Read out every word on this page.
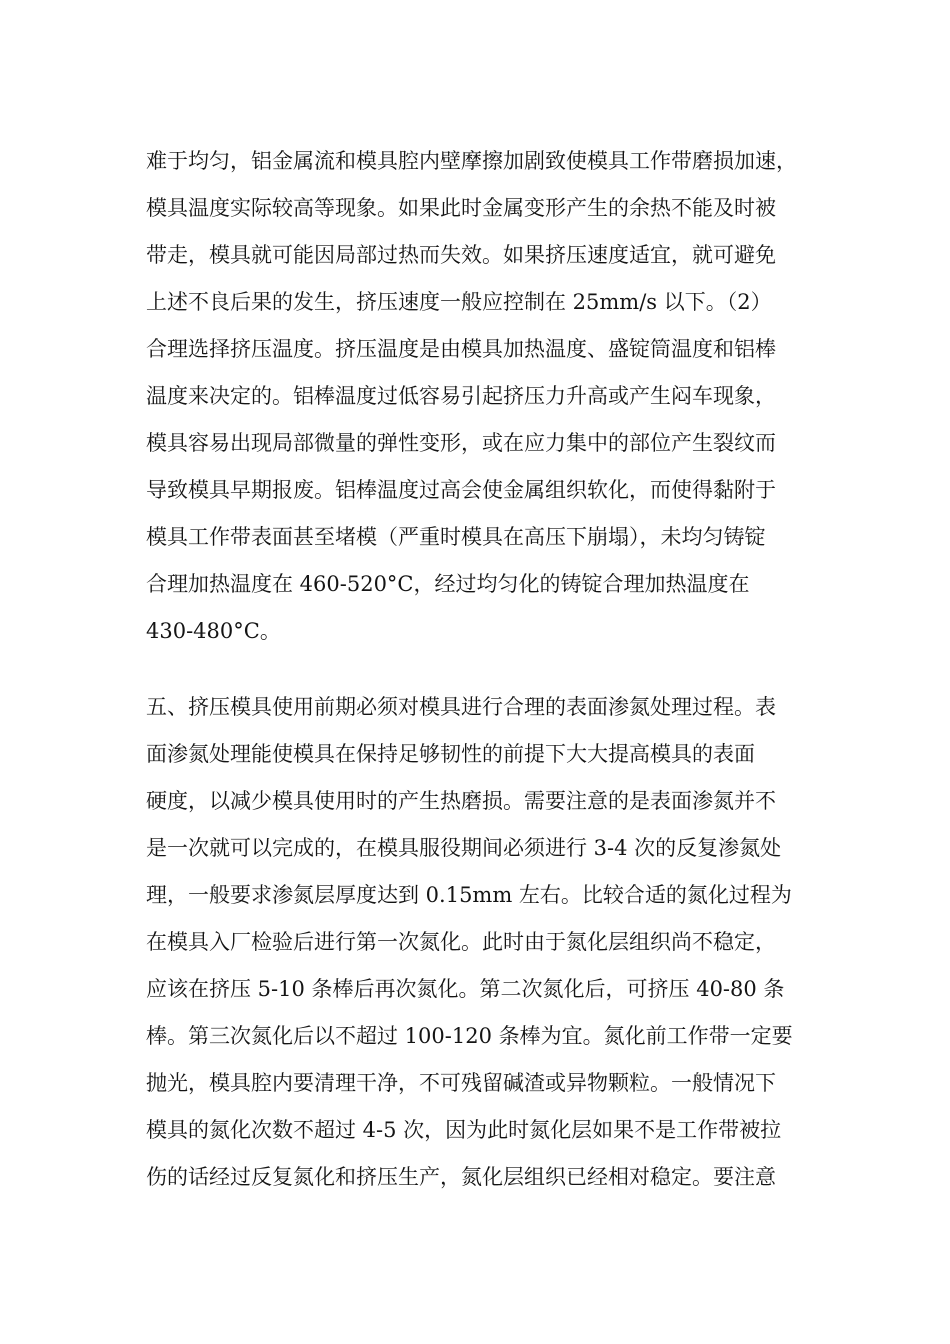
难于均匀，铝金属流和模具腔内壁摩擦加剧致使模具工作带磨损加速，
模具温度实际较高等现象。如果此时金属变形产生的余热不能及时被
带走，模具就可能因局部过热而失效。如果挤压速度适宜，就可避免
上述不良后果的发生，挤压速度一般应控制在 25mm/s 以下。（2）
合理选择挤压温度。挤压温度是由模具加热温度、盛锭筒温度和铝棒
温度来决定的。铝棒温度过低容易引起挤压力升高或产生闷车现象，
模具容易出现局部微量的弹性变形，或在应力集中的部位产生裂纹而
导致模具早期报废。铝棒温度过高会使金属组织软化，而使得黏附于
模具工作带表面甚至堵模（严重时模具在高压下崩塌），未均匀铸锭
合理加热温度在 460-520°C，经过均匀化的铸锭合理加热温度在
430-480°C。
五、挤压模具使用前期必须对模具进行合理的表面渗氮处理过程。表
面渗氮处理能使模具在保持足够韧性的前提下大大提高模具的表面
硬度，以减少模具使用时的产生热磨损。需要注意的是表面渗氮并不
是一次就可以完成的，在模具服役期间必须进行 3-4 次的反复渗氮处
理，一般要求渗氮层厚度达到 0.15mm 左右。比较合适的氮化过程为
在模具入厂检验后进行第一次氮化。此时由于氮化层组织尚不稳定，
应该在挤压 5-10 条棒后再次氮化。第二次氮化后，可挤压 40-80 条
棒。第三次氮化后以不超过 100-120 条棒为宜。氮化前工作带一定要
抛光，模具腔内要清理干净，不可残留碱渣或异物颗粒。一般情况下
模具的氮化次数不超过 4-5 次，因为此时氮化层如果不是工作带被拉
伤的话经过反复氮化和挤压生产，氮化层组织已经相对稳定。要注意
